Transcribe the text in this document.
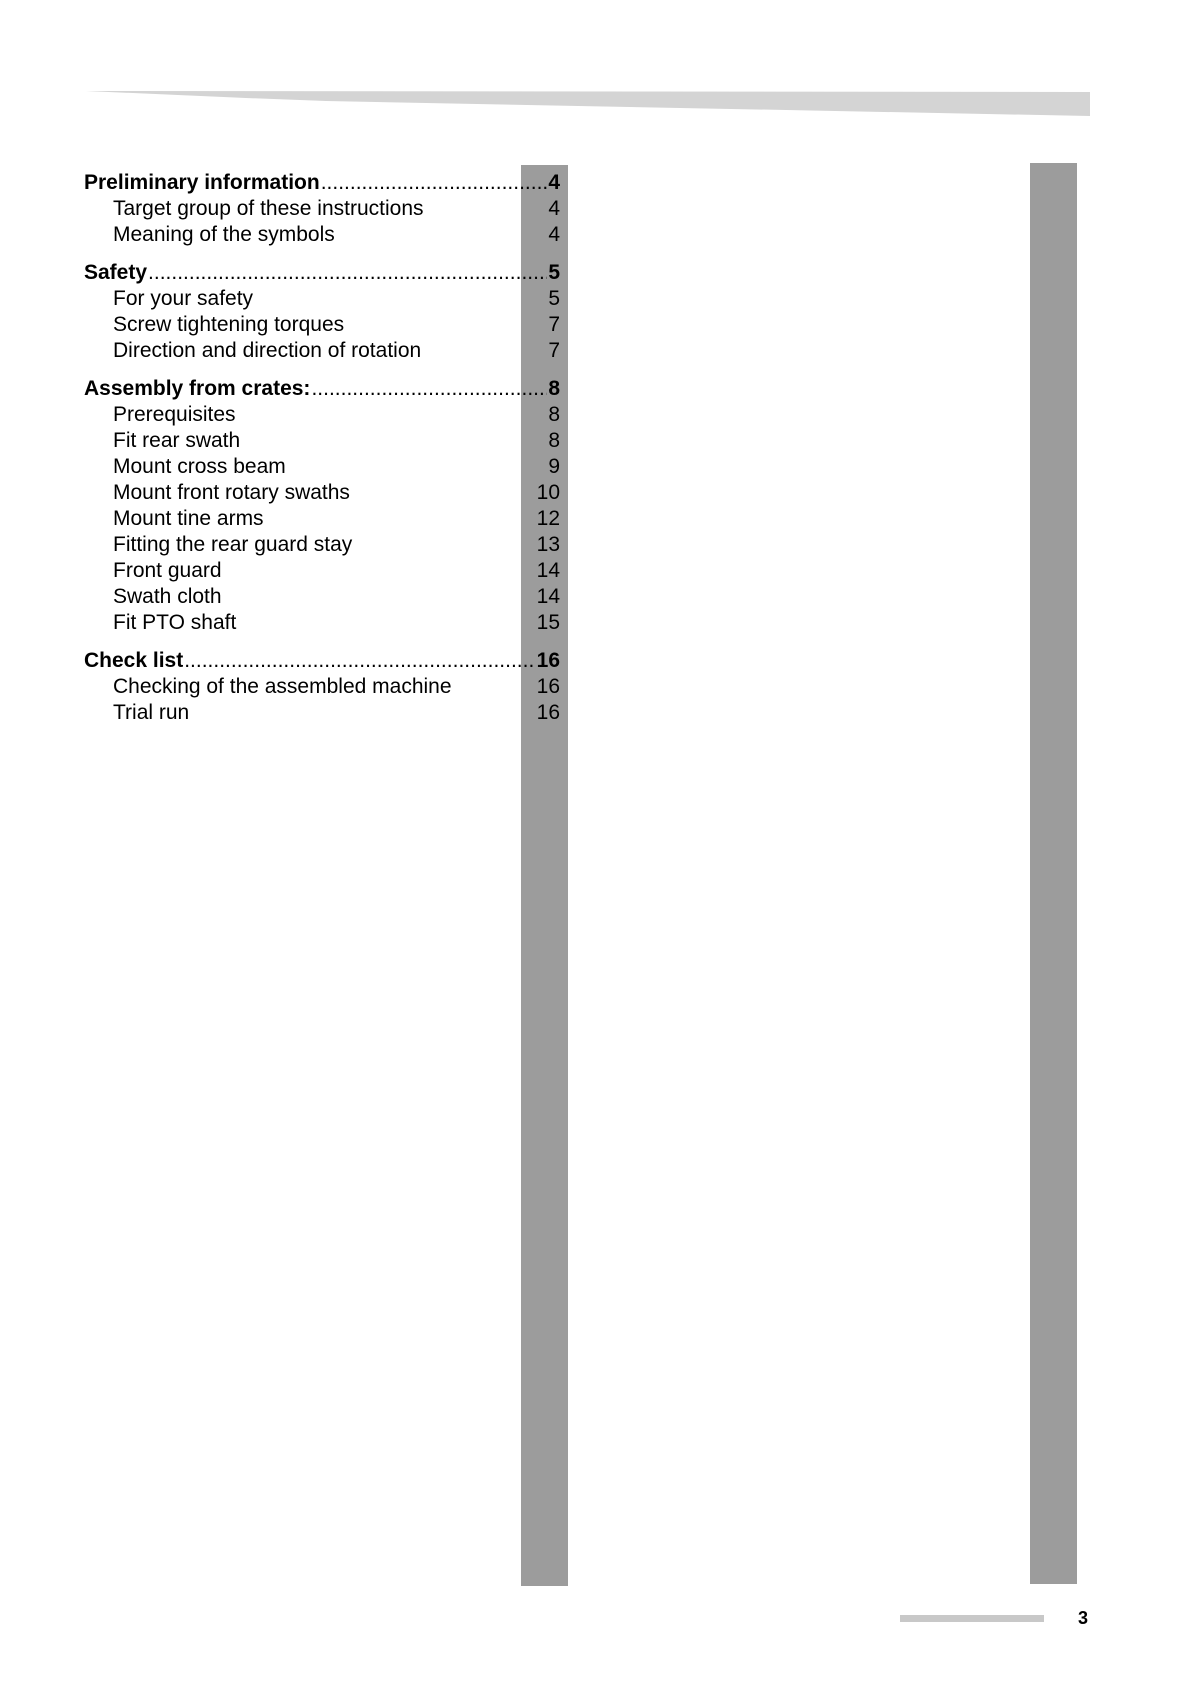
Preliminary information .....	4
Target group of these instructions	4
Meaning of the symbols	4
Safety .....	5
For your safety	5
Screw tightening torques	7
Direction and direction of rotation	7
Assembly from crates: .....	8
Prerequisites	8
Fit rear swath	8
Mount cross beam	9
Mount front rotary swaths	10
Mount tine arms	12
Fitting the rear guard stay	13
Front guard	14
Swath cloth	14
Fit PTO shaft	15
Check list .....	16
Checking of the assembled machine	16
Trial run	16
3
